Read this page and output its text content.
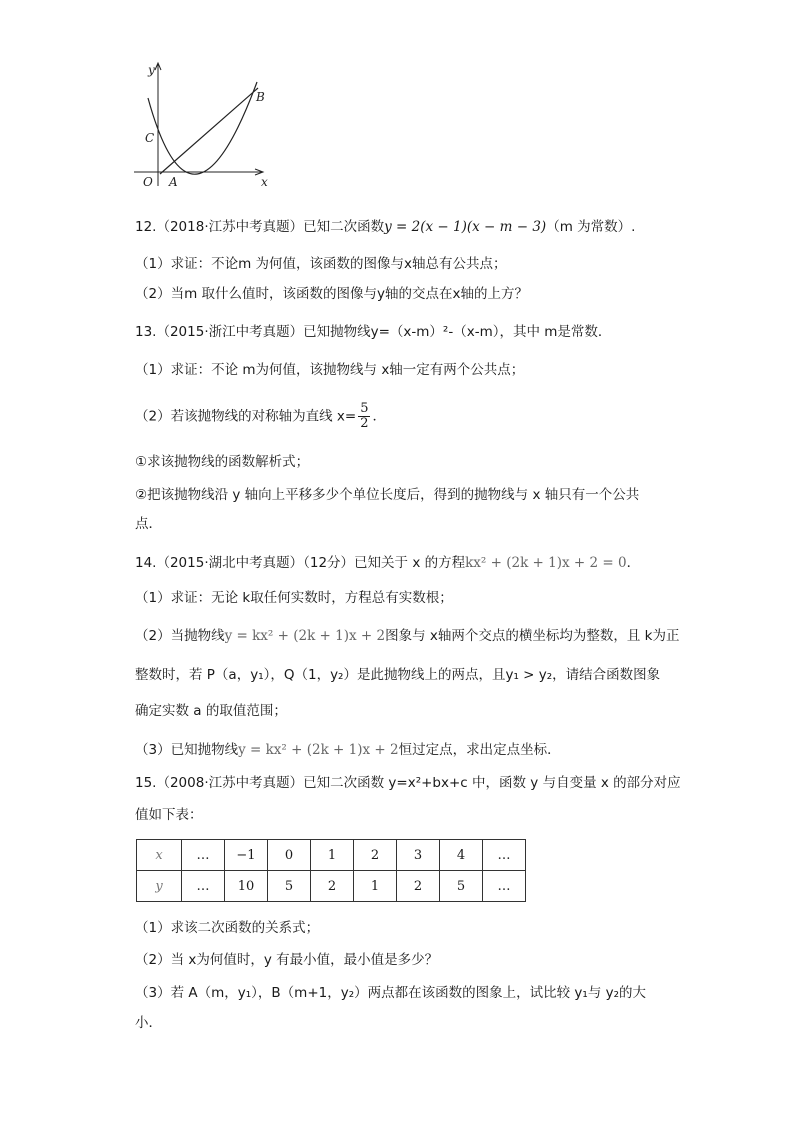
y
x
O A
B
C
12.（2018·江苏中考真题）已知二次函数y = 2(x − 1)(x − m − 3)（m 为常数）.
（1）求证：不论m 为何值，该函数的图像与x轴总有公共点；
（2）当m 取什么值时，该函数的图像与y轴的交点在x轴的上方？
13.（2015·浙江中考真题）已知抛物线y=（x-m）²-（x-m），其中 m是常数．
（1）求证：不论 m为何值，该抛物线与 x轴一定有两个公共点；
（2）若该抛物线的对称轴为直线 $x= \frac{5}{2}$ ．
①求该抛物线的函数解析式；
②把该抛物线沿 y 轴向上平移多少个单位长度后，得到的抛物线与 x 轴只有一个公共
点．
14.（2015·湖北中考真题）（12分）已知关于 x 的方程kx² + (2k + 1)x + 2 = 0．
（1）求证：无论 k取任何实数时，方程总有实数根；
（2）当抛物线y = kx² + (2k + 1)x + 2图象与 x轴两个交点的横坐标均为整数，且 k为正
整数时，若 P（a，y₁），Q（1，y₂）是此抛物线上的两点，且y₁ > y₂，请结合函数图象
确定实数 a 的取值范围；
（3）已知抛物线y = kx² + (2k + 1)x + 2恒过定点，求出定点坐标．
15.（2008·江苏中考真题）已知二次函数 y=x²+bx+c 中，函数 y 与自变量 x 的部分对应
值如下表：
x	…	−1	0	1	2	3	4	…
y	…	10	5	2	1	2	5	…
（1）求该二次函数的关系式；
（2）当 x为何值时，y 有最小值，最小值是多少？
（3）若 A（m，y₁），B（m+1，y₂）两点都在该函数的图象上，试比较 y₁与 y₂的大
小．
